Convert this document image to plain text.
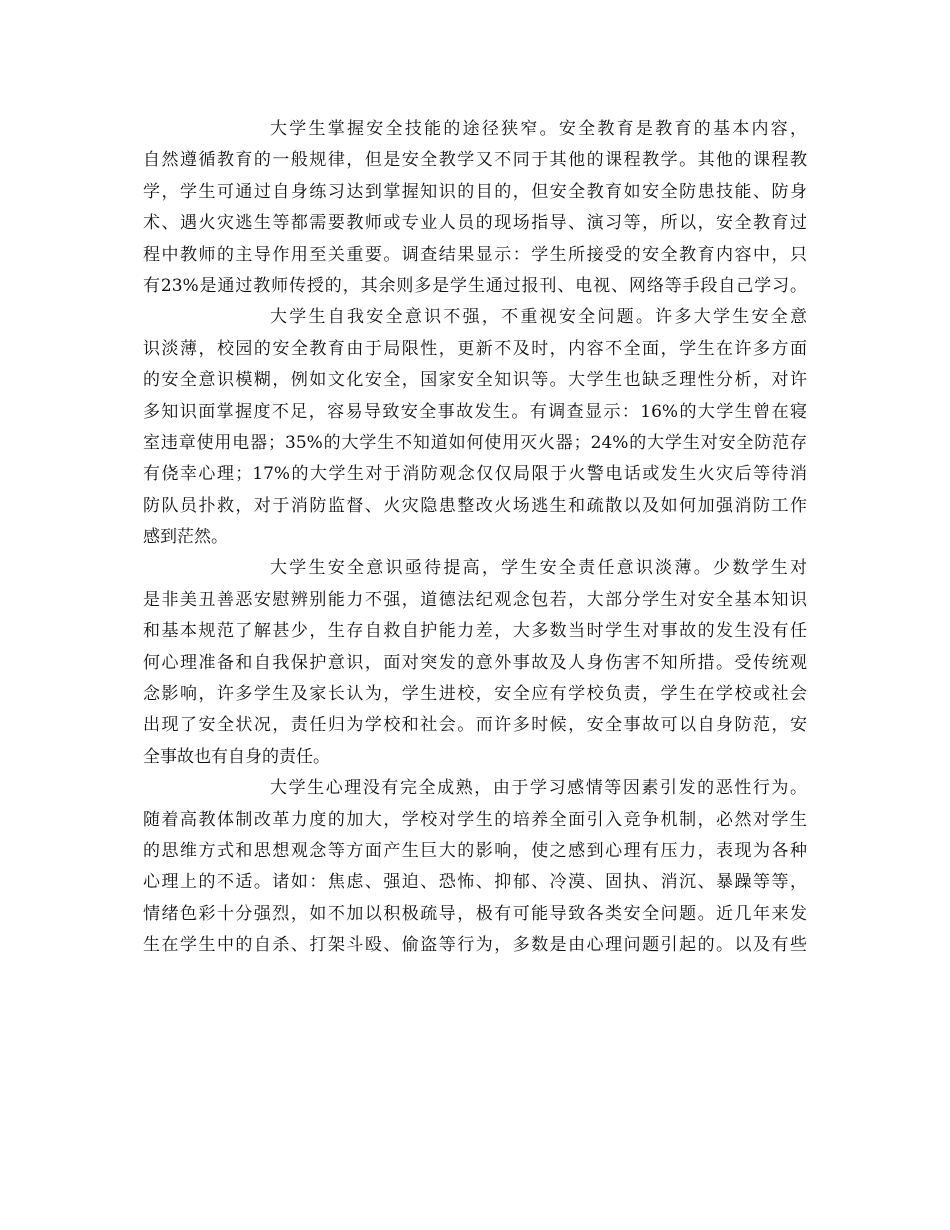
大学生掌握安全技能的途径狭窄。安全教育是教育的基本内容，
自然遵循教育的一般规律，但是安全教学又不同于其他的课程教学。其他的课程教
学，学生可通过自身练习达到掌握知识的目的，但安全教育如安全防患技能、防身
术、遇火灾逃生等都需要教师或专业人员的现场指导、演习等，所以，安全教育过
程中教师的主导作用至关重要。调查结果显示：学生所接受的安全教育内容中，只
有23%是通过教师传授的，其余则多是学生通过报刊、电视、网络等手段自己学习。
大学生自我安全意识不强，不重视安全问题。许多大学生安全意
识淡薄，校园的安全教育由于局限性，更新不及时，内容不全面，学生在许多方面
的安全意识模糊，例如文化安全，国家安全知识等。大学生也缺乏理性分析，对许
多知识面掌握度不足，容易导致安全事故发生。有调查显示：16%的大学生曾在寝
室违章使用电器；35%的大学生不知道如何使用灭火器；24%的大学生对安全防范存
有侥幸心理；17%的大学生对于消防观念仅仅局限于火警电话或发生火灾后等待消
防队员扑救，对于消防监督、火灾隐患整改火场逃生和疏散以及如何加强消防工作
感到茫然。
大学生安全意识亟待提高，学生安全责任意识淡薄。少数学生对
是非美丑善恶安慰辨别能力不强，道德法纪观念包若，大部分学生对安全基本知识
和基本规范了解甚少，生存自救自护能力差，大多数当时学生对事故的发生没有任
何心理准备和自我保护意识，面对突发的意外事故及人身伤害不知所措。受传统观
念影响，许多学生及家长认为，学生进校，安全应有学校负责，学生在学校或社会
出现了安全状况，责任归为学校和社会。而许多时候，安全事故可以自身防范，安
全事故也有自身的责任。
大学生心理没有完全成熟，由于学习感情等因素引发的恶性行为。
随着高教体制改革力度的加大，学校对学生的培养全面引入竞争机制，必然对学生
的思维方式和思想观念等方面产生巨大的影响，使之感到心理有压力，表现为各种
心理上的不适。诸如：焦虑、强迫、恐怖、抑郁、冷漠、固执、消沉、暴躁等等，
情绪色彩十分强烈，如不加以积极疏导，极有可能导致各类安全问题。近几年来发
生在学生中的自杀、打架斗殴、偷盗等行为，多数是由心理问题引起的。以及有些
